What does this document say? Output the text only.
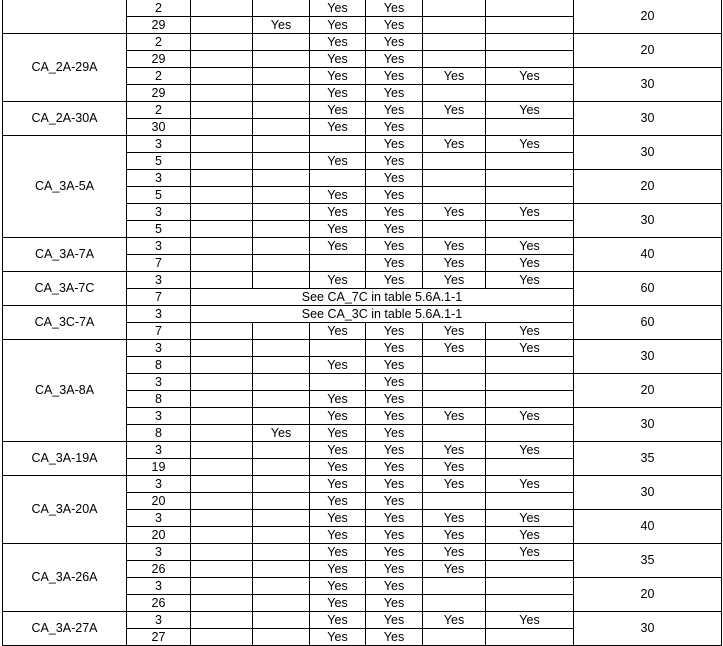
	2			Yes	Yes			20	
	29		Yes	Yes	Yes				
CA_2A-29A	2			Yes	Yes			20	
	29			Yes	Yes				
	2			Yes	Yes	Yes	Yes	30	
	29			Yes	Yes				
CA_2A-30A	2			Yes	Yes	Yes	Yes	30	
	30			Yes	Yes				
CA_3A-5A	3				Yes	Yes	Yes	30	
	5			Yes	Yes				
	3				Yes			20	
	5			Yes	Yes				
	3			Yes	Yes	Yes	Yes	30	
	5			Yes	Yes				
CA_3A-7A	3			Yes	Yes	Yes	Yes	40	
	7				Yes	Yes	Yes		
CA_3A-7C	3			Yes	Yes	Yes	Yes	60	
	7	See CA_7C in table 5.6A.1-1							
CA_3C-7A	3	See CA_3C in table 5.6A.1-1						60	
	7			Yes	Yes	Yes	Yes		
CA_3A-8A	3				Yes	Yes	Yes	30	
	8			Yes	Yes				
	3				Yes			20	
	8			Yes	Yes				
	3			Yes	Yes	Yes	Yes	30	
	8		Yes	Yes	Yes				
CA_3A-19A	3			Yes	Yes	Yes	Yes	35	
	19			Yes	Yes	Yes			
CA_3A-20A	3			Yes	Yes	Yes	Yes	30	
	20			Yes	Yes				
	3			Yes	Yes	Yes	Yes	40	
	20			Yes	Yes	Yes	Yes		
CA_3A-26A	3			Yes	Yes	Yes	Yes	35	
	26			Yes	Yes	Yes			
	3			Yes	Yes			20	
	26			Yes	Yes				
CA_3A-27A	3			Yes	Yes	Yes	Yes	30	
	27			Yes	Yes				
